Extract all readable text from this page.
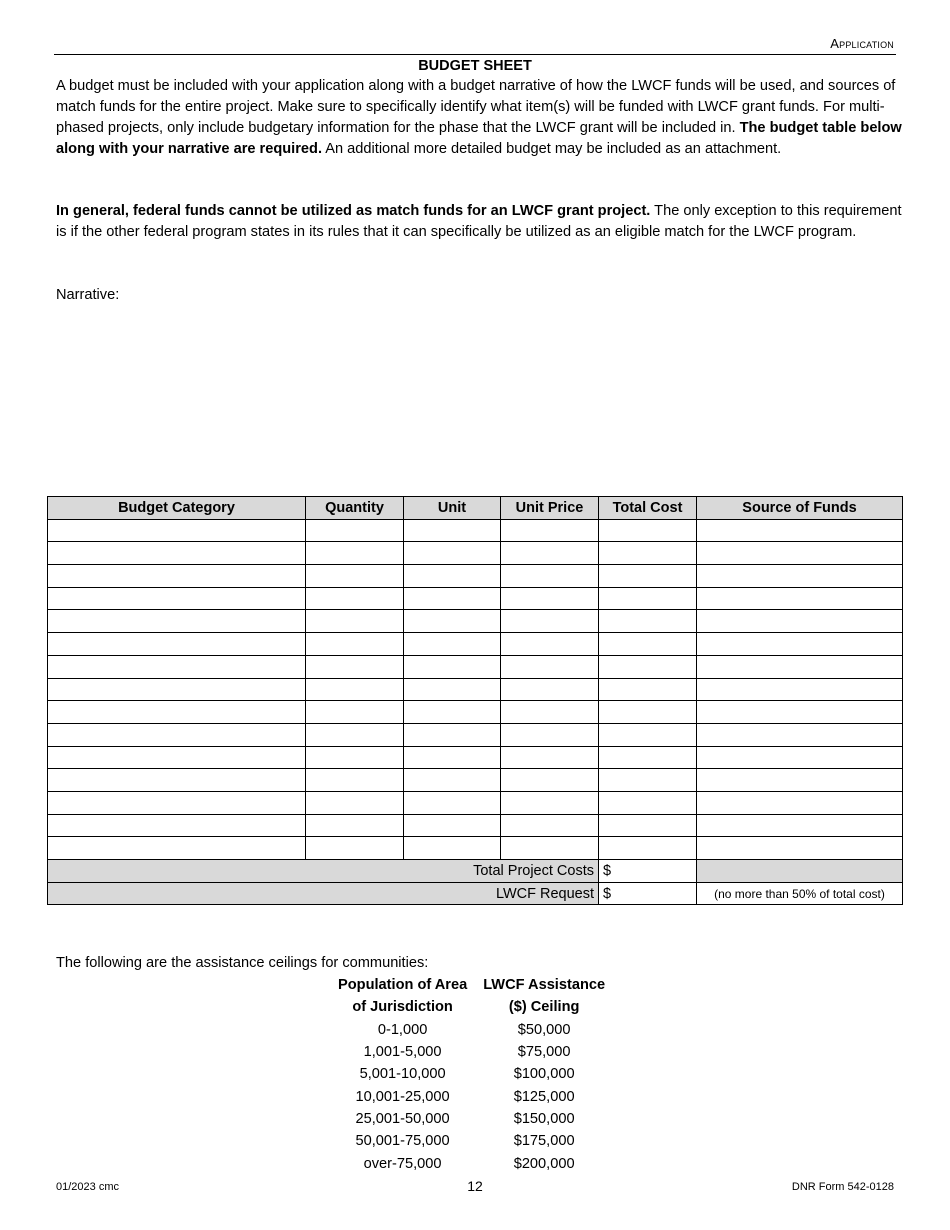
Application
BUDGET SHEET
A budget must be included with your application along with a budget narrative of how the LWCF funds will be used, and sources of match funds for the entire project. Make sure to specifically identify what item(s) will be funded with LWCF grant funds. For multi-phased projects, only include budgetary information for the phase that the LWCF grant will be included in. The budget table below along with your narrative are required. An additional more detailed budget may be included as an attachment.
In general, federal funds cannot be utilized as match funds for an LWCF grant project. The only exception to this requirement is if the other federal program states in its rules that it can specifically be utilized as an eligible match for the LWCF program.
Narrative:
Budget Category	Quantity	Unit	Unit Price	Total Cost	Source of Funds

Total Project Costs				$	
LWCF Request				$	(no more than 50% of total cost)
The following are the assistance ceilings for communities:
Population of Area	LWCF Assistance
of Jurisdiction	($) Ceiling
0-1,000	$50,000
1,001-5,000	$75,000
5,001-10,000	$100,000
10,001-25,000	$125,000
25,001-50,000	$150,000
50,001-75,000	$175,000
over-75,000	$200,000
01/2023 cmc	12	DNR Form 542-0128
